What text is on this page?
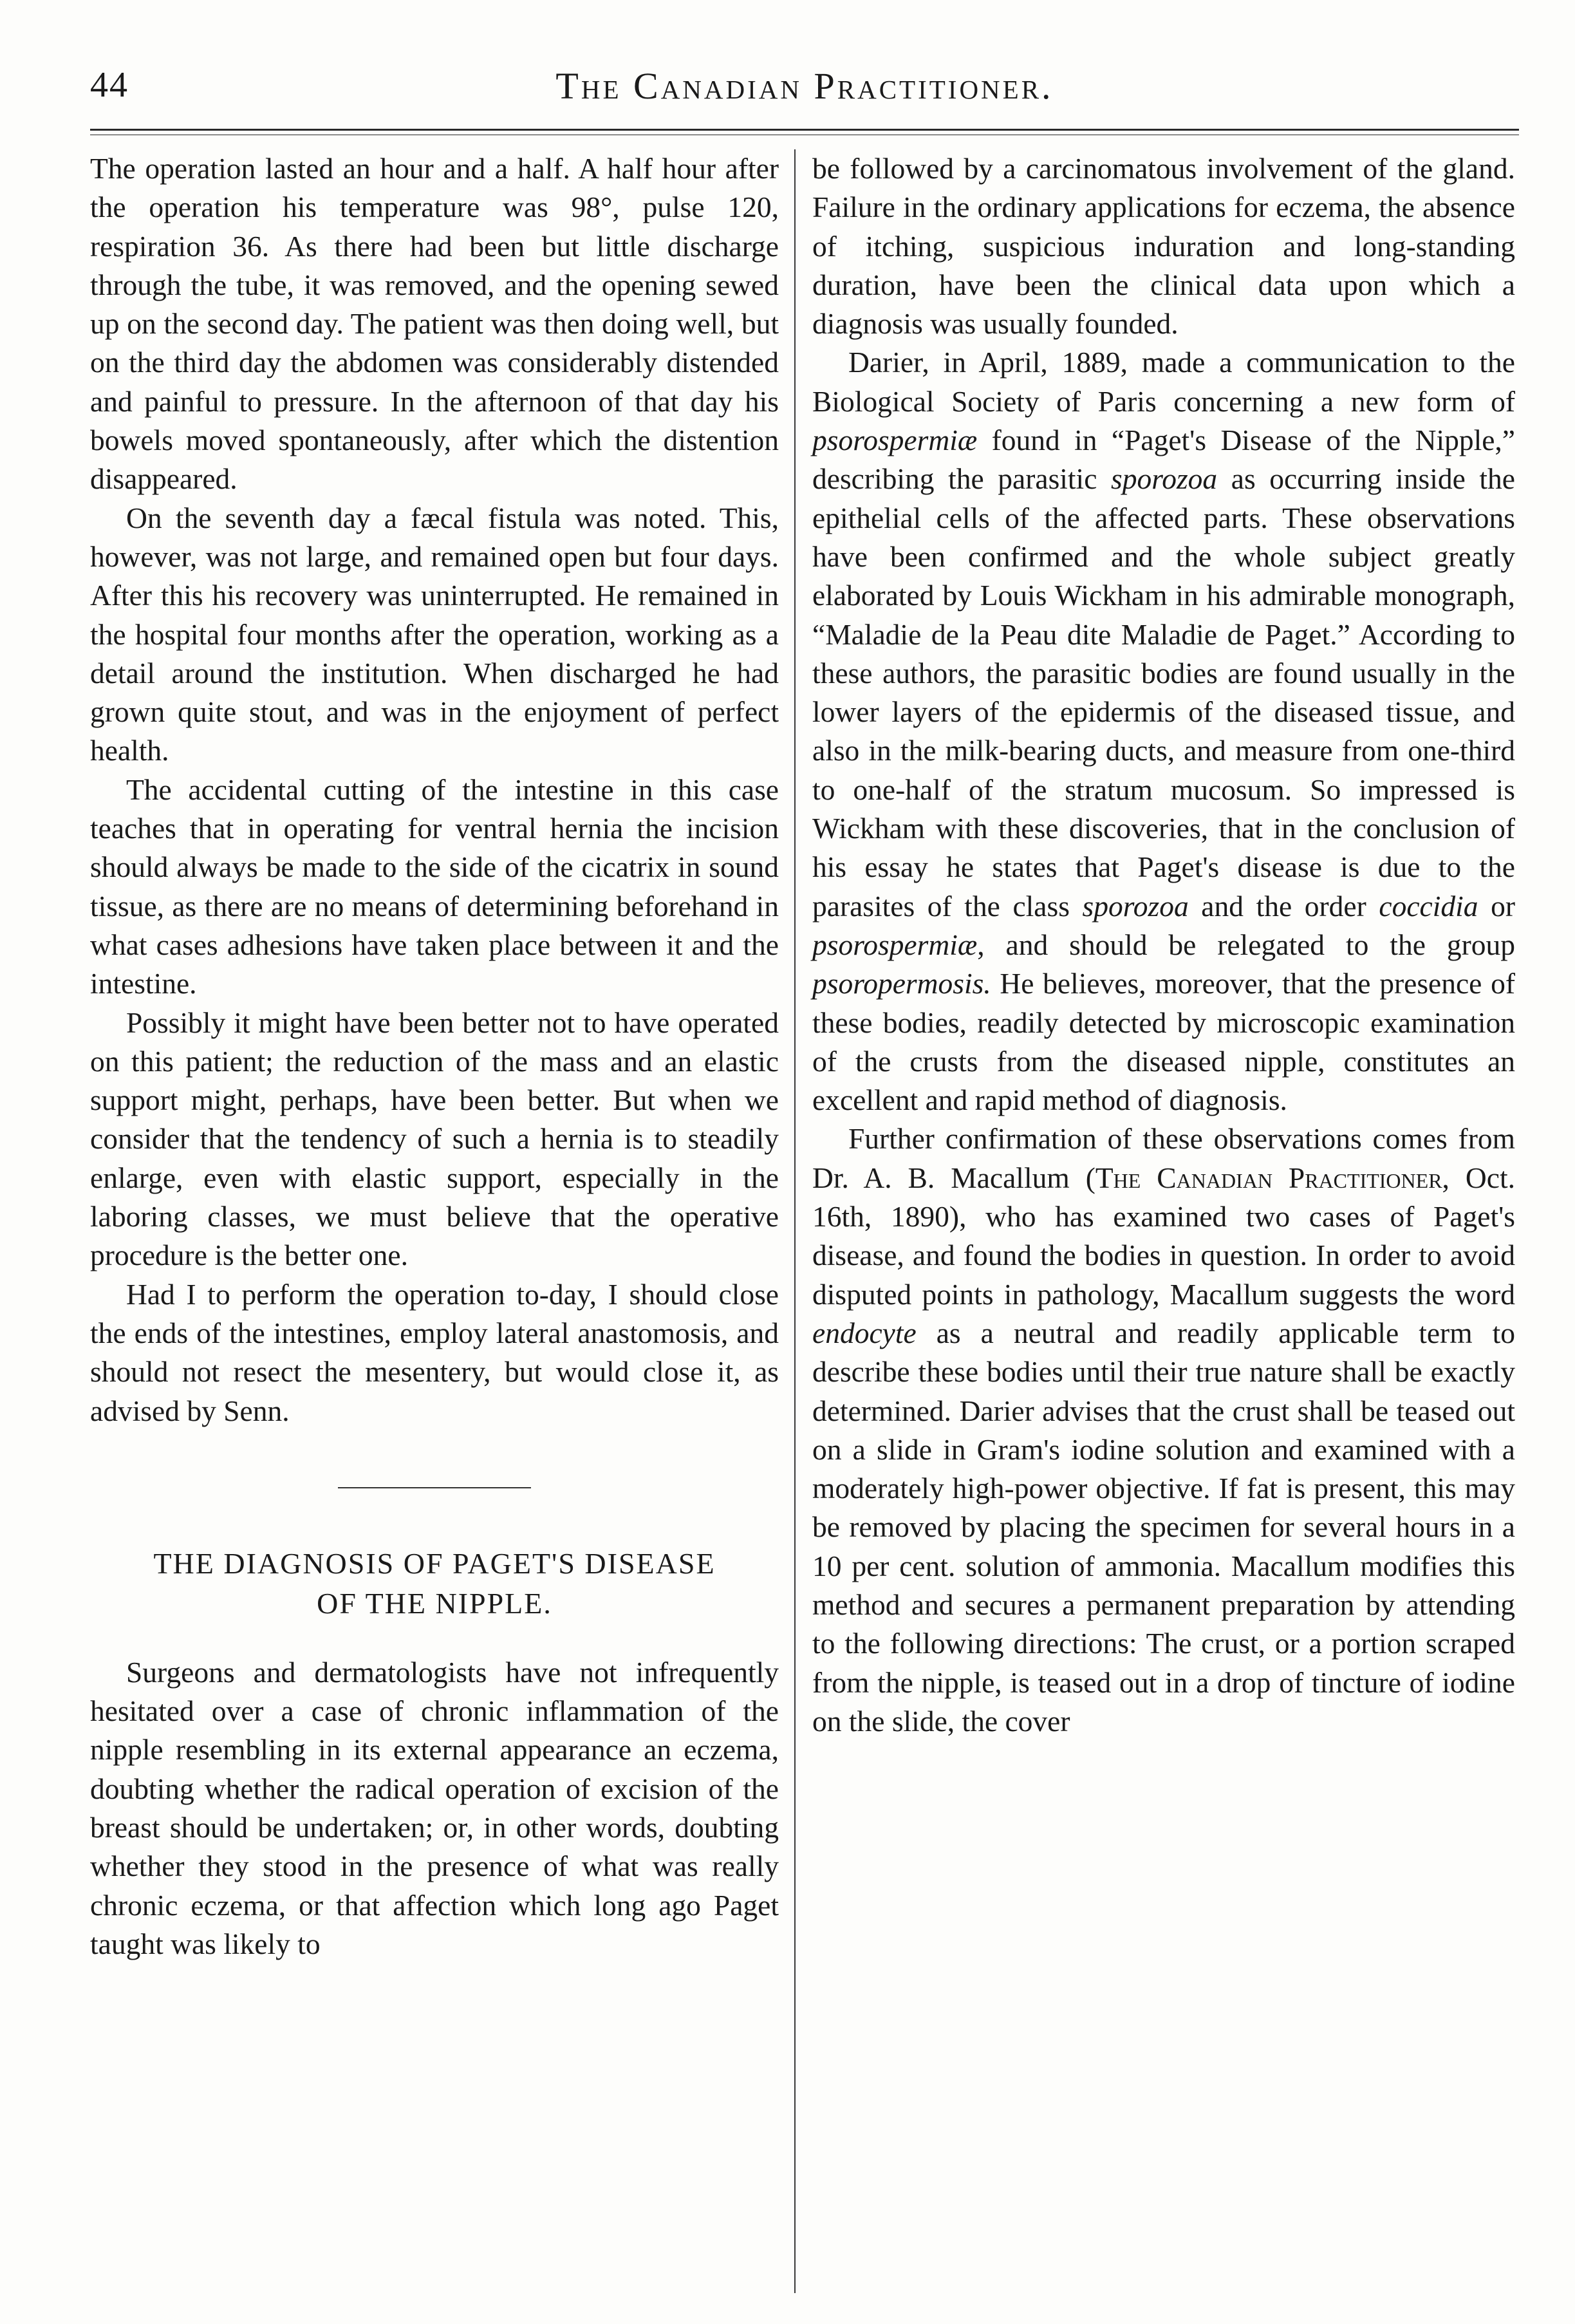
44	The Canadian Practitioner.

The operation lasted an hour and a half. A half hour after the operation his temperature was 98°, pulse 120, respiration 36. As there had been but little discharge through the tube, it was removed, and the opening sewed up on the second day. The patient was then doing well, but on the third day the abdomen was considerably distended and painful to pressure. In the afternoon of that day his bowels moved spontaneously, after which the distention disappeared.

On the seventh day a fæcal fistula was noted. This, however, was not large, and remained open but four days. After this his recovery was uninterrupted. He remained in the hospital four months after the operation, working as a detail around the institution. When discharged he had grown quite stout, and was in the enjoyment of perfect health.

The accidental cutting of the intestine in this case teaches that in operating for ventral hernia the incision should always be made to the side of the cicatrix in sound tissue, as there are no means of determining beforehand in what cases adhesions have taken place between it and the intestine.

Possibly it might have been better not to have operated on this patient; the reduction of the mass and an elastic support might, perhaps, have been better. But when we consider that the tendency of such a hernia is to steadily enlarge, even with elastic support, especially in the laboring classes, we must believe that the operative procedure is the better one.

Had I to perform the operation to-day, I should close the ends of the intestines, employ lateral anastomosis, and should not resect the mesentery, but would close it, as advised by Senn.

THE DIAGNOSIS OF PAGET'S DISEASE
OF THE NIPPLE.

Surgeons and dermatologists have not infrequently hesitated over a case of chronic inflammation of the nipple resembling in its external appearance an eczema, doubting whether the radical operation of excision of the breast should be undertaken; or, in other words, doubting whether they stood in the presence of what was really chronic eczema, or that affection which long ago Paget taught was likely to

be followed by a carcinomatous involvement of the gland. Failure in the ordinary applications for eczema, the absence of itching, suspicious induration and long-standing duration, have been the clinical data upon which a diagnosis was usually founded.

Darier, in April, 1889, made a communication to the Biological Society of Paris concerning a new form of psorospermiæ found in “Paget's Disease of the Nipple,” describing the parasitic sporozoa as occurring inside the epithelial cells of the affected parts. These observations have been confirmed and the whole subject greatly elaborated by Louis Wickham in his admirable monograph, “Maladie de la Peau dite Maladie de Paget.” According to these authors, the parasitic bodies are found usually in the lower layers of the epidermis of the diseased tissue, and also in the milk-bearing ducts, and measure from one-third to one-half of the stratum mucosum. So impressed is Wickham with these discoveries, that in the conclusion of his essay he states that Paget's disease is due to the parasites of the class sporozoa and the order coccidia or psorospermiæ, and should be relegated to the group psoropermosis. He believes, moreover, that the presence of these bodies, readily detected by microscopic examination of the crusts from the diseased nipple, constitutes an excellent and rapid method of diagnosis.

Further confirmation of these observations comes from Dr. A. B. Macallum (The Canadian Practitioner, Oct. 16th, 1890), who has examined two cases of Paget's disease, and found the bodies in question. In order to avoid disputed points in pathology, Macallum suggests the word endocyte as a neutral and readily applicable term to describe these bodies until their true nature shall be exactly determined. Darier advises that the crust shall be teased out on a slide in Gram's iodine solution and examined with a moderately high-power objective. If fat is present, this may be removed by placing the specimen for several hours in a 10 per cent. solution of ammonia. Macallum modifies this method and secures a permanent preparation by attending to the following directions: The crust, or a portion scraped from the nipple, is teased out in a drop of tincture of iodine on the slide, the cover
